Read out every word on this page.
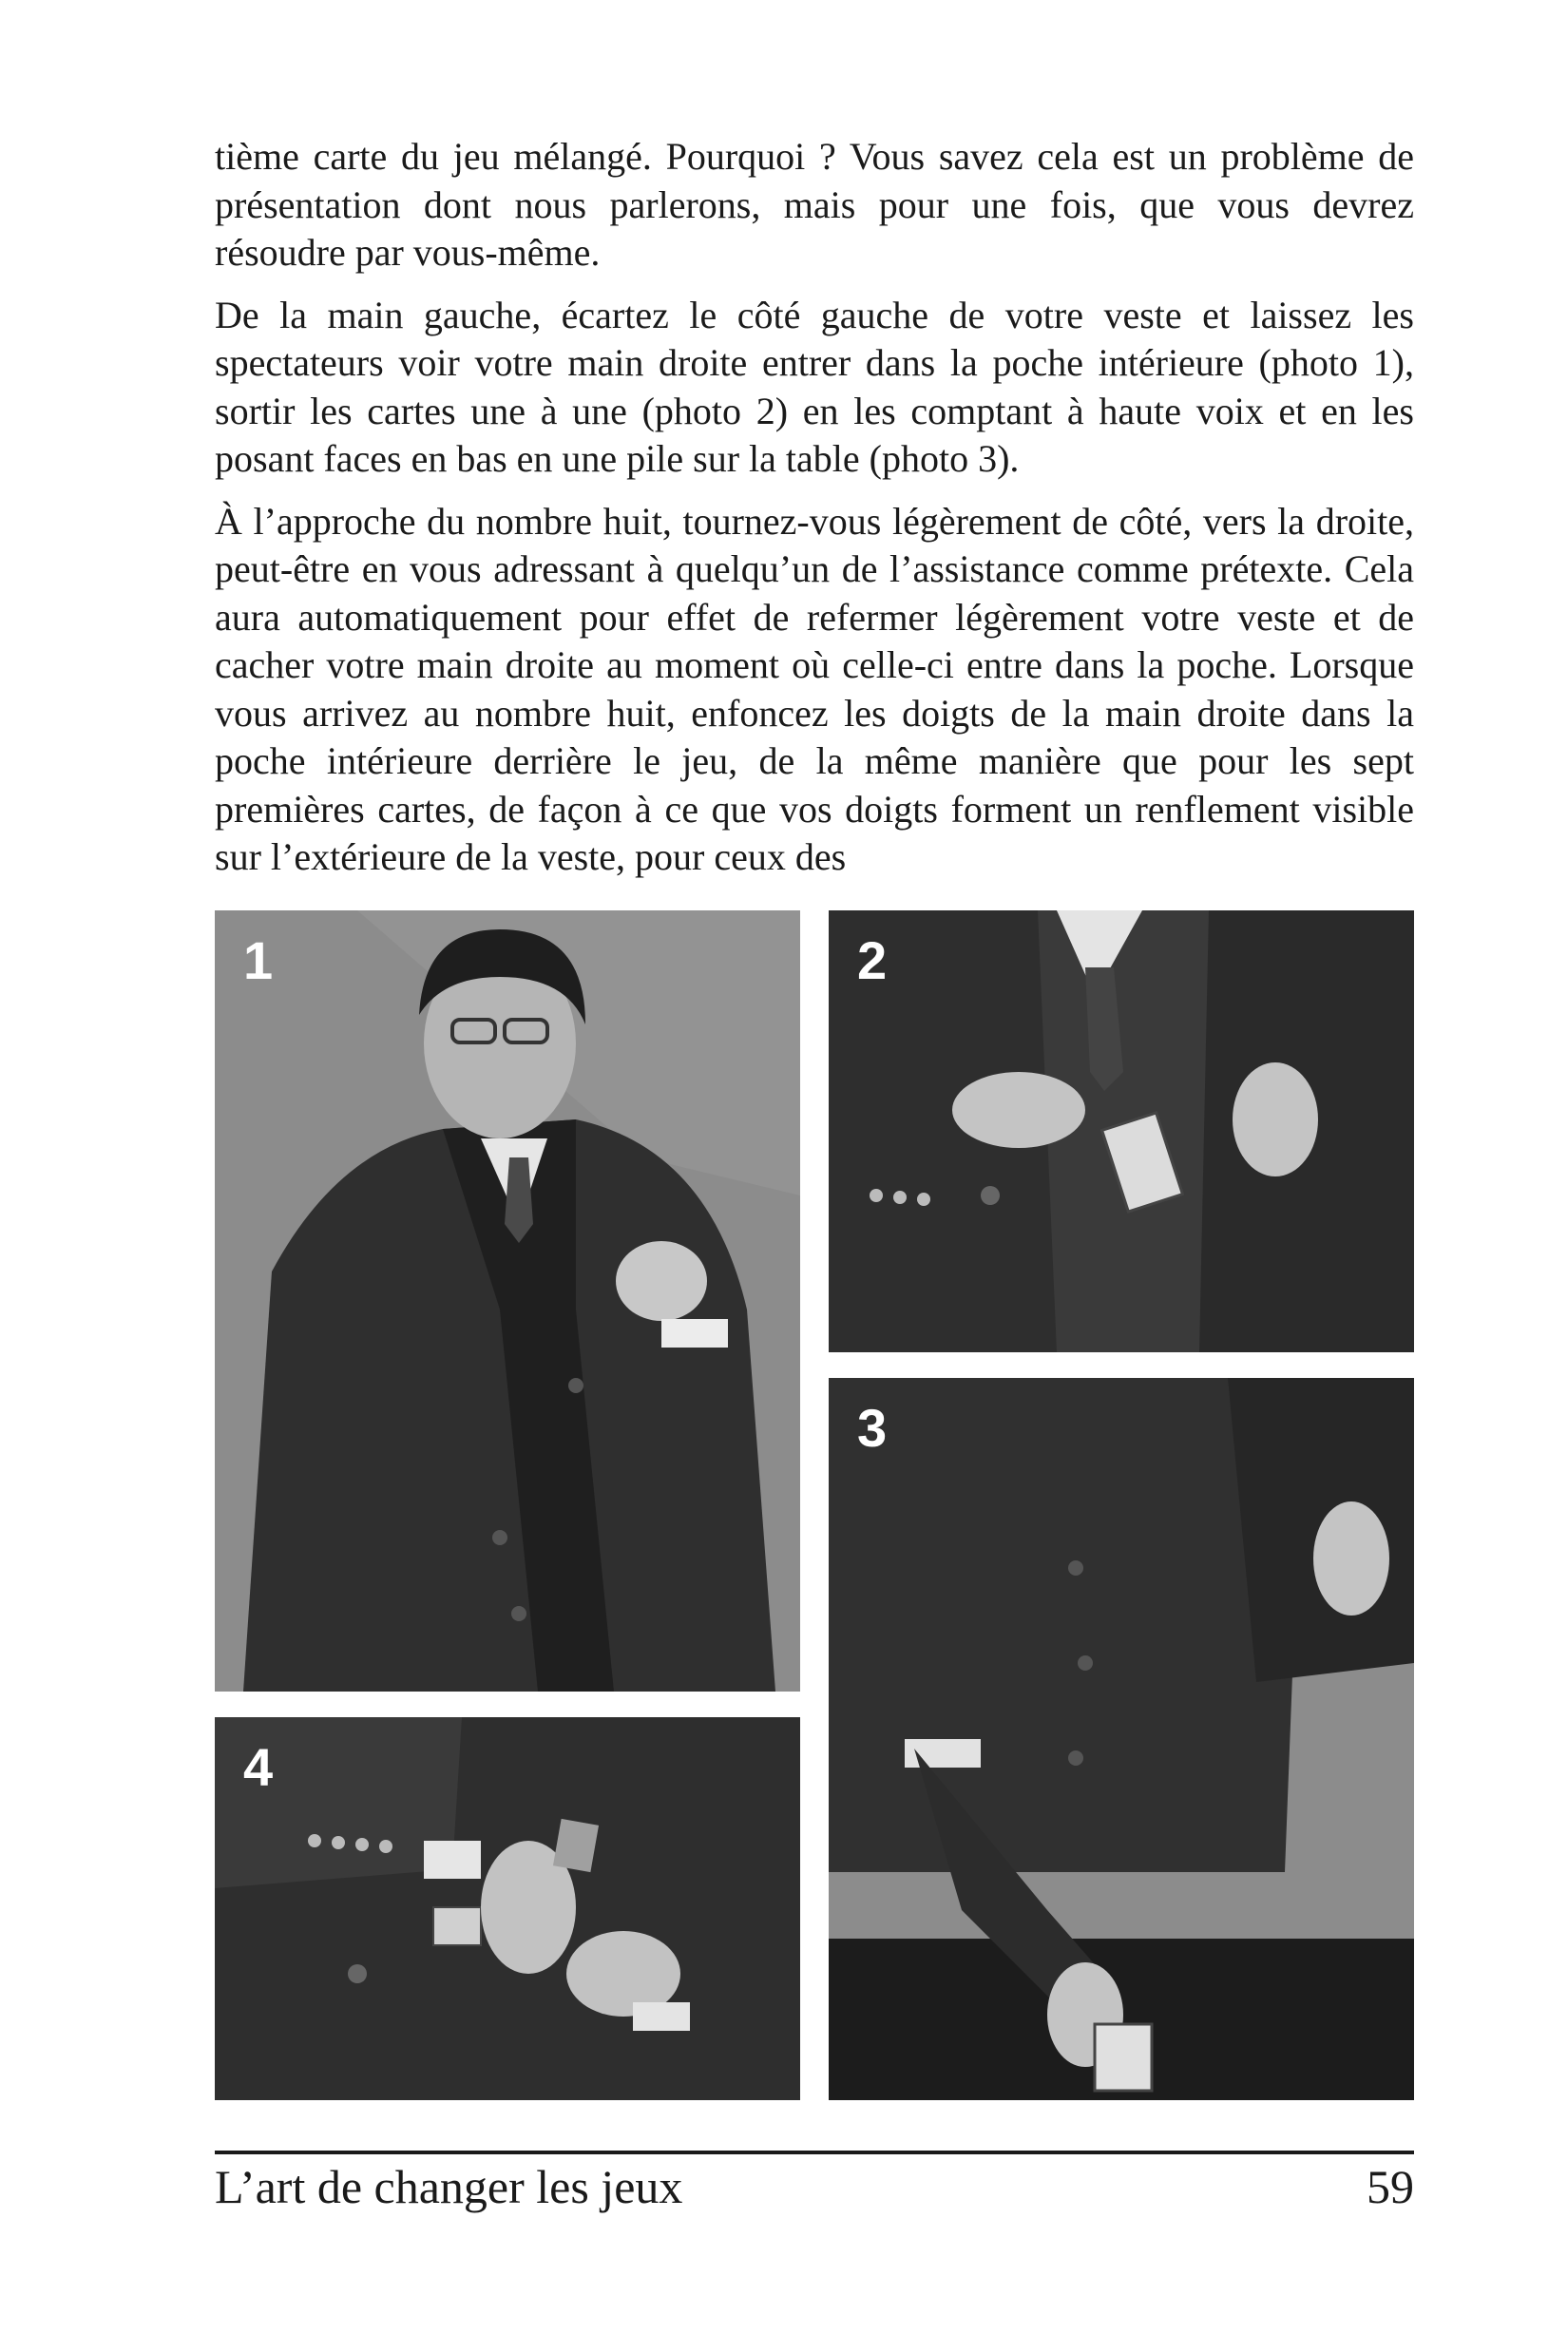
tième carte du jeu mélangé. Pourquoi ? Vous savez cela est un problème de présentation dont nous parlerons, mais pour une fois, que vous devrez résoudre par vous-même.

De la main gauche, écartez le côté gauche de votre veste et laissez les spectateurs voir votre main droite entrer dans la poche intérieure (photo 1), sortir les cartes une à une (photo 2) en les comptant à haute voix et en les posant faces en bas en une pile sur la table (photo 3).

À l’approche du nombre huit, tournez-vous légèrement de côté, vers la droite, peut-être en vous adressant à quelqu’un de l’assistance comme prétexte. Cela aura automatiquement pour effet de refermer légèrement votre veste et de cacher votre main droite au moment où celle-ci entre dans la poche. Lorsque vous arrivez au nombre huit, enfoncez les doigts de la main droite dans la poche intérieure derrière le jeu, de la même manière que pour les sept premières cartes, de façon à ce que vos doigts forment un renflement visible sur l’extérieure de la veste, pour ceux des

1	2
3
4
L’art de changer les jeux	59
